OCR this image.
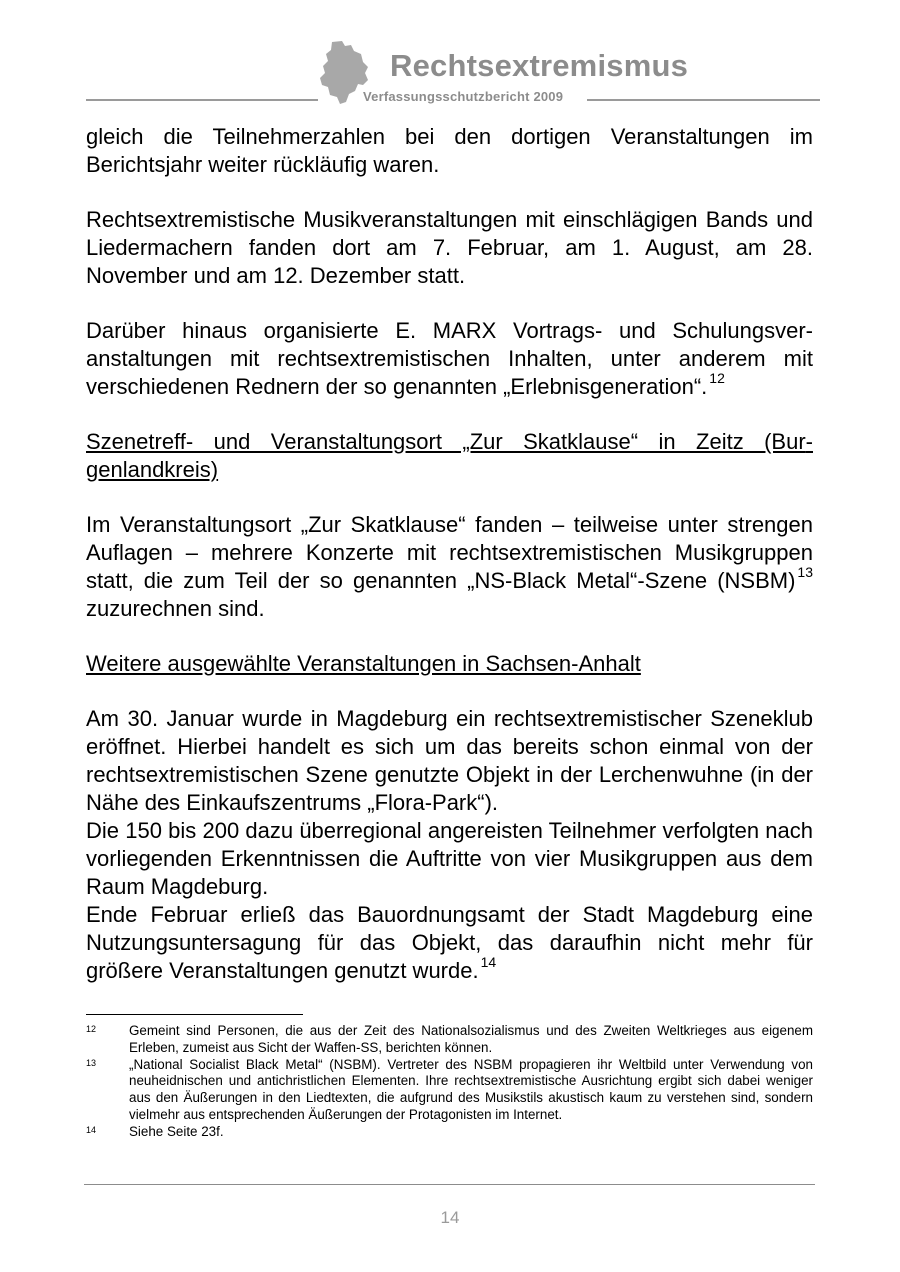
Rechtsextremismus
Verfassungsschutzbericht 2009

gleich die Teilnehmerzahlen bei den dortigen Veranstaltungen im Berichtsjahr weiter rückläufig waren.

Rechtsextremistische Musikveranstaltungen mit einschlägigen Bands und Liedermachern fanden dort am 7. Februar, am 1. August, am 28. November und am 12. Dezember statt.

Darüber hinaus organisierte E. MARX Vortrags- und Schulungsveranstaltungen mit rechtsextremistischen Inhalten, unter anderem mit verschiedenen Rednern der so genannten „Erlebnisgeneration“. $^{12}$

Szenetreff- und Veranstaltungsort „Zur Skatklause“ in Zeitz (Burgenlandkreis)

Im Veranstaltungsort „Zur Skatklause“ fanden – teilweise unter strengen Auflagen – mehrere Konzerte mit rechtsextremistischen Musikgruppen statt, die zum Teil der so genannten „NS-Black Metal“-Szene (NSBM) $^{13}$ zuzurechnen sind.

Weitere ausgewählte Veranstaltungen in Sachsen-Anhalt

Am 30. Januar wurde in Magdeburg ein rechtsextremistischer Szeneklub eröffnet. Hierbei handelt es sich um das bereits schon einmal von der rechtsextremistischen Szene genutzte Objekt in der Lerchenwuhne (in der Nähe des Einkaufszentrums „Flora-Park“).

Die 150 bis 200 dazu überregional angereisten Teilnehmer verfolgten nach vorliegenden Erkenntnissen die Auftritte von vier Musikgruppen aus dem Raum Magdeburg.

Ende Februar erließ das Bauordnungsamt der Stadt Magdeburg eine Nutzungsuntersagung für das Objekt, das daraufhin nicht mehr für größere Veranstaltungen genutzt wurde. $^{14}$

12	Gemeint sind Personen, die aus der Zeit des Nationalsozialismus und des Zweiten Weltkrieges aus eigenem Erleben, zumeist aus Sicht der Waffen-SS, berichten können.
13	„National Socialist Black Metal“ (NSBM). Vertreter des NSBM propagieren ihr Weltbild unter Verwendung von neuheidnischen und antichristlichen Elementen. Ihre rechtsextremistische Ausrichtung ergibt sich dabei weniger aus den Äußerungen in den Liedtexten, die aufgrund des Musikstils akustisch kaum zu verstehen sind, sondern vielmehr aus entsprechenden Äußerungen der Protagonisten im Internet.
14	Siehe Seite 23f.
14
